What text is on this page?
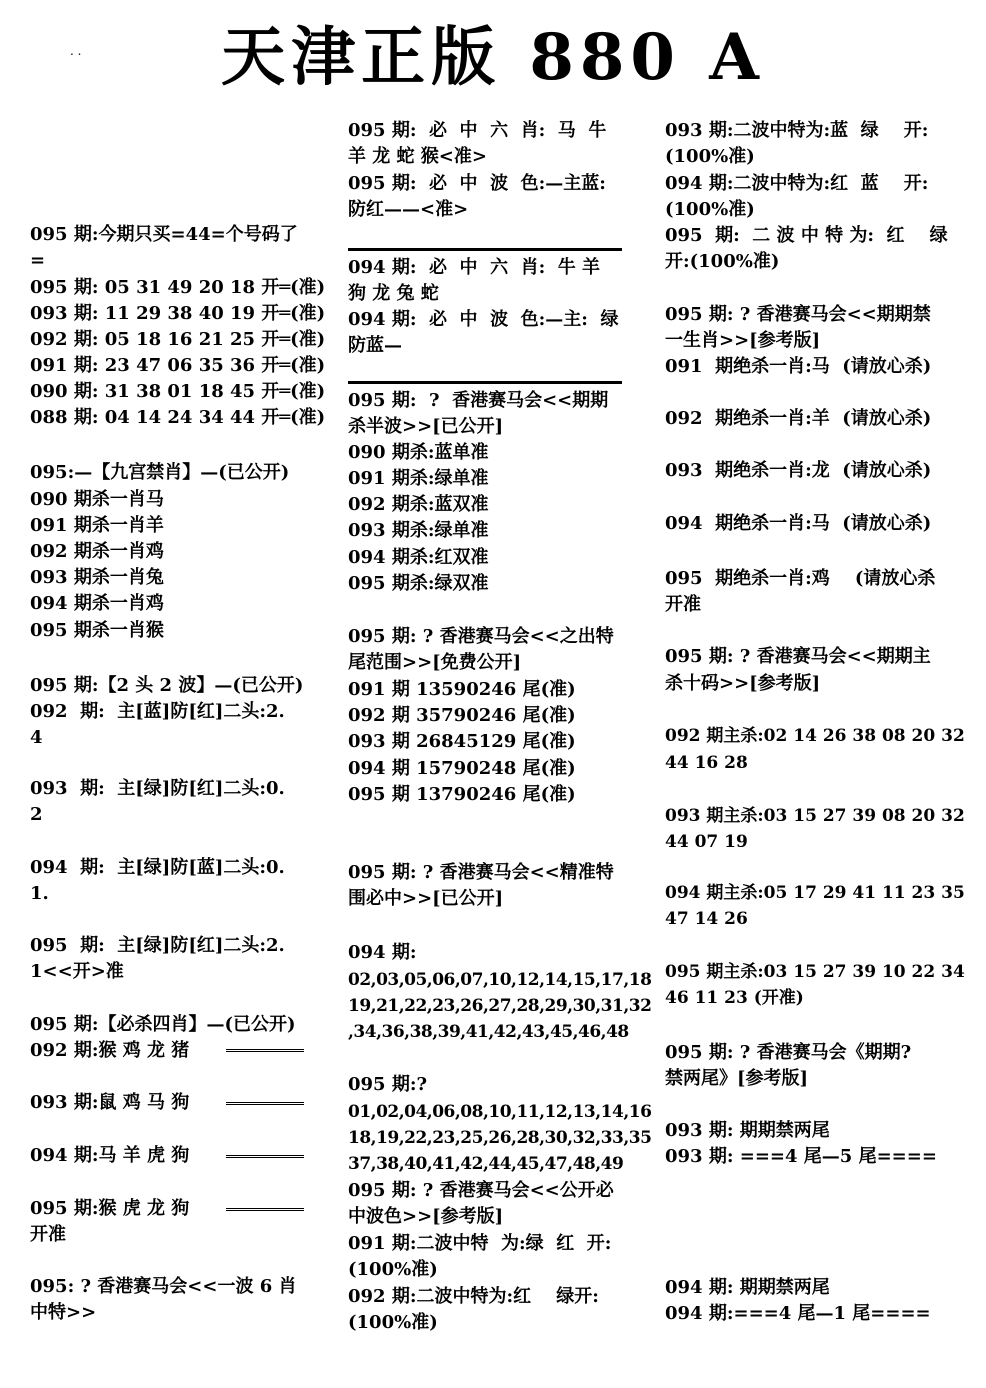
天津正版 880 A
. .
095 期:今期只买=44=个号码了
=
095 期: 05 31 49 20 18 开═(准)
093 期: 11 29 38 40 19 开═(准)
092 期: 05 18 16 21 25 开═(准)
091 期: 23 47 06 35 36 开═(准)
090 期: 31 38 01 18 45 开═(准)
088 期: 04 14 24 34 44 开═(准)
095:—【九宫禁肖】—(已公开)
090 期杀一肖马
091 期杀一肖羊
092 期杀一肖鸡
093 期杀一肖兔
094 期杀一肖鸡
095 期杀一肖猴
095 期:【2 头 2 波】—(已公开)
092  期:  主[蓝]防[红]二头:2.
4
093  期:  主[绿]防[红]二头:0.
2
094  期:  主[绿]防[蓝]二头:0.
1.
095  期:  主[绿]防[红]二头:2.
1<<开>准
095 期:【必杀四肖】—(已公开)
092 期:猴 鸡 龙 猪
093 期:鼠 鸡 马 狗
094 期:马 羊 虎 狗
095 期:猴 虎 龙 狗
开准
095: ? 香港赛马会<<一波 6 肖
中特>>
095 期:  必  中  六  肖:  马  牛
羊 龙 蛇 猴<准>
095 期:  必  中  波  色:—主蓝:
防红——<准>
094 期:  必  中  六  肖:  牛 羊
狗 龙 兔 蛇
094 期:  必  中  波  色:—主:  绿
防蓝—
095 期:  ?  香港赛马会<<期期
杀半波>>[已公开]
090 期杀:蓝单准
091 期杀:绿单准
092 期杀:蓝双准
093 期杀:绿单准
094 期杀:红双准
095 期杀:绿双准
095 期: ? 香港赛马会<<之出特
尾范围>>[免费公开]
091 期 13590246 尾(准)
092 期 35790246 尾(准)
093 期 26845129 尾(准)
094 期 15790248 尾(准)
095 期 13790246 尾(准)
095 期: ? 香港赛马会<<精准特
围必中>>[已公开]
094 期:
02,03,05,06,07,10,12,14,15,17,18
19,21,22,23,26,27,28,29,30,31,32
,34,36,38,39,41,42,43,45,46,48
095 期:?
01,02,04,06,08,10,11,12,13,14,16
18,19,22,23,25,26,28,30,32,33,35
37,38,40,41,42,44,45,47,48,49
095 期: ? 香港赛马会<<公开必
中波色>>[参考版]
091 期:二波中特  为:绿  红  开:
(100%准)
092 期:二波中特为:红    绿开:
(100%准)
093 期:二波中特为:蓝  绿    开:
(100%准)
094 期:二波中特为:红  蓝    开:
(100%准)
095  期:  二 波 中 特 为:  红    绿
开:(100%准)
095 期: ? 香港赛马会<<期期禁
一生肖>>[参考版]
091  期绝杀一肖:马  (请放心杀)
092  期绝杀一肖:羊  (请放心杀)
093  期绝杀一肖:龙  (请放心杀)
094  期绝杀一肖:马  (请放心杀)
095  期绝杀一肖:鸡    (请放心杀
开准
095 期: ? 香港赛马会<<期期主
杀十码>>[参考版]
092 期主杀:02 14 26 38 08 20 32
44 16 28
093 期主杀:03 15 27 39 08 20 32
44 07 19
094 期主杀:05 17 29 41 11 23 35
47 14 26
095 期主杀:03 15 27 39 10 22 34
46 11 23 (开准)
095 期: ? 香港赛马会《期期?
禁两尾》[参考版]
093 期: 期期禁两尾
093 期: ===4 尾—5 尾====
094 期: 期期禁两尾
094 期:===4 尾—1 尾====
